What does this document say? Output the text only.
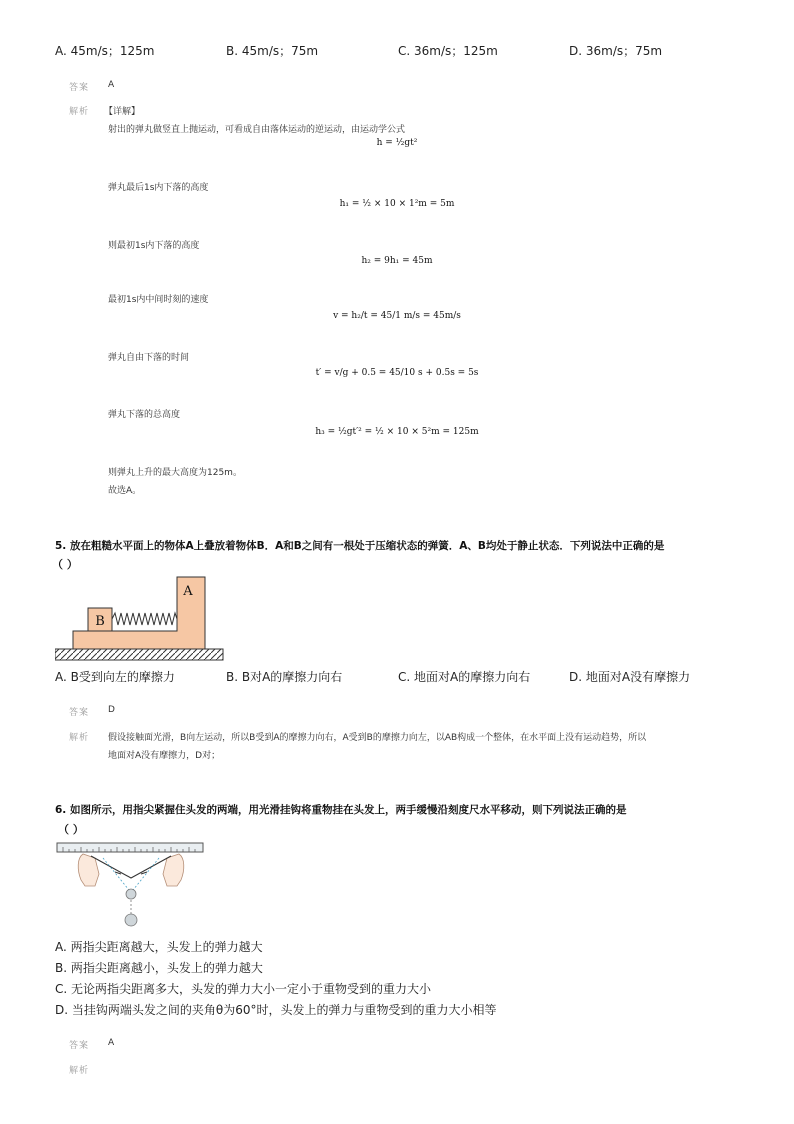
A. 45m/s；125m	B. 45m/s；75m	C. 36m/s；125m	D. 36m/s；75m
答案 A
解析 【详解】
射出的弹丸做竖直上抛运动，可看成自由落体运动的逆运动，由运动学公式
h = ½gt²
弹丸最后1s内下落的高度
h₁ = ½ × 10 × 1²m = 5m
则最初1s内下落的高度
h₂ = 9h₁ = 45m
最初1s内中间时刻的速度
v = h₂/t = 45/1 m/s = 45m/s
弹丸自由下落的时间
t′ = v/g + 0.5 = 45/10 s + 0.5s = 5s
弹丸下落的总高度
h₃ = ½gt′² = ½ × 10 × 5²m = 125m
则弹丸上升的最大高度为125m。
故选A。
5. 放在粗糙水平面上的物体A上叠放着物体B．A和B之间有一根处于压缩状态的弹簧．A、B均处于静止状态．下列说法中正确的是
（ ）
B
A
A. B受到向左的摩擦力	B. B对A的摩擦力向右	C. 地面对A的摩擦力向右	D. 地面对A没有摩擦力
答案 D
解析 假设接触面光滑，B向左运动，所以B受到A的摩擦力向右，A受到B的摩擦力向左，以AB构成一个整体，在水平面上没有运动趋势，所以
地面对A没有摩擦力，D对；
6. 如图所示，用指尖紧握住头发的两端，用光滑挂钩将重物挂在头发上，两手缓慢沿刻度尺水平移动，则下列说法正确的是
（ ）
A. 两指尖距离越大，头发上的弹力越大
B. 两指尖距离越小，头发上的弹力越大
C. 无论两指尖距离多大，头发的弹力大小一定小于重物受到的重力大小
D. 当挂钩两端头发之间的夹角θ为60°时，头发上的弹力与重物受到的重力大小相等
答案 A
解析
